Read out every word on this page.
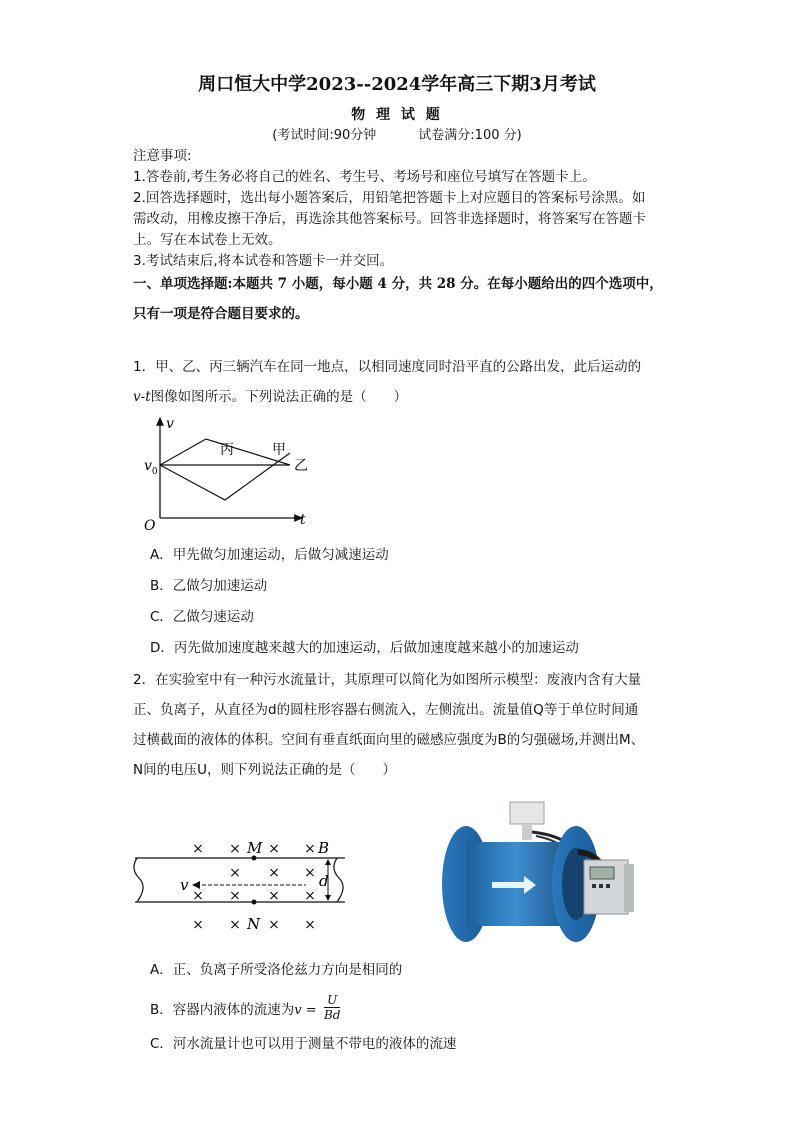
周口恒大中学2023--2024学年高三下期3月考试
物 理 试 题
(考试时间:90分钟	试卷满分:100 分)
注意事项:
1.答卷前,考生务必将自己的姓名、考生号、考场号和座位号填写在答题卡上。
2.回答选择题时，选出每小题答案后，用铅笔把答题卡上对应题目的答案标号涂黑。如
需改动，用橡皮擦干净后，再选涂其他答案标号。回答非选择题时，将答案写在答题卡
上。写在本试卷上无效。
3.考试结束后,将本试卷和答题卡一并交回。
一、单项选择题:本题共 7 小题，每小题 4 分，共 28 分。在每小题给出的四个选项中，
只有一项是符合题目要求的。
1．甲、乙、丙三辆汽车在同一地点，以相同速度同时沿平直的公路出发，此后运动的
v-t图像如图所示。下列说法正确的是（　　）
v
$v_0$
t
O
丙	甲
乙
A．甲先做匀加速运动，后做匀减速运动
B．乙做匀加速运动
C．乙做匀速运动
D．丙先做加速度越来越大的加速运动，后做加速度越来越小的加速运动
2．在实验室中有一种污水流量计，其原理可以简化为如图所示模型：废液内含有大量
正、负离子，从直径为d的圆柱形容器右侧流入，左侧流出。流量值Q等于单位时间通
过横截面的液体的体积。空间有垂直纸面向里的磁感应强度为B的匀强磁场,并测出M、
N间的电压U，则下列说法正确的是（　　）
× × × ×
× × ×
× × × ×
× × × ×
M
N
B
v	d
A．正、负离子所受洛伦兹力方向是相同的
B．容器内液体的流速为$v = \frac{U}{Bd}$
C．河水流量计也可以用于测量不带电的液体的流速
